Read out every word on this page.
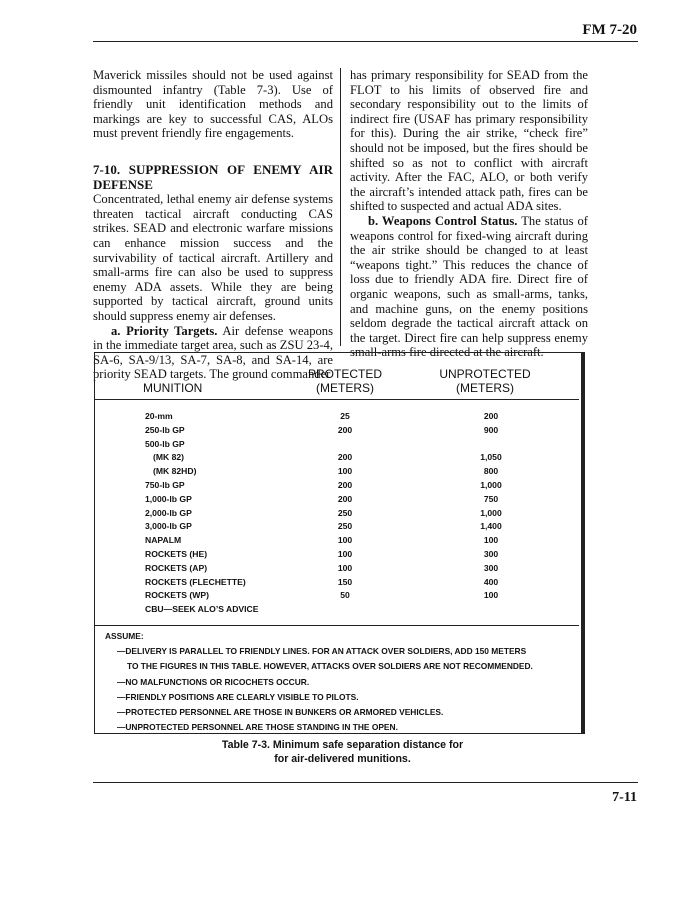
FM 7-20

Maverick missiles should not be used against dismounted infantry (Table 7-3). Use of friendly unit identification methods and markings are key to successful CAS, ALOs must prevent friendly fire engagements.

7-10. SUPPRESSION OF ENEMY AIR DEFENSE

Concentrated, lethal enemy air defense systems threaten tactical aircraft conducting CAS strikes. SEAD and electronic warfare missions can enhance mission success and the survivability of tactical aircraft. Artillery and small-arms fire can also be used to suppress enemy ADA assets. While they are being supported by tactical aircraft, ground units should suppress enemy air defenses.

a. Priority Targets. Air defense weapons in the immediate target area, such as ZSU 23-4, SA-6, SA-9/13, SA-7, SA-8, and SA-14, are priority SEAD targets. The ground commander

has primary responsibility for SEAD from the FLOT to his limits of observed fire and secondary responsibility out to the limits of indirect fire (USAF has primary responsibility for this). During the air strike, “check fire” should not be imposed, but the fires should be shifted so as not to conflict with aircraft activity. After the FAC, ALO, or both verify the aircraft’s intended attack path, fires can be shifted to suspected and actual ADA sites.

b. Weapons Control Status. The status of weapons control for fixed-wing aircraft during the air strike should be changed to at least “weapons tight.” This reduces the chance of loss due to friendly ADA fire. Direct fire of organic weapons, such as small-arms, tanks, and machine guns, on the enemy positions seldom degrade the tactical aircraft attack on the target. Direct fire can help suppress enemy small-arms fire directed at the aircraft.

MUNITION
PROTECTED
(METERS)
UNPROTECTED
(METERS)
20-mm	25	200
250-lb GP	200	900
500-lb GP
(MK 82)	200	1,050
(MK 82HD)	100	800
750-lb GP	200	1,000
1,000-lb GP	200	750
2,000-lb GP	250	1,000
3,000-lb GP	250	1,400
NAPALM	100	100
ROCKETS (HE)	100	300
ROCKETS (AP)	100	300
ROCKETS (FLECHETTE)	150	400
ROCKETS (WP)	50	100
CBU—SEEK ALO’S ADVICE
ASSUME:
—DELIVERY IS PARALLEL TO FRIENDLY LINES. FOR AN ATTACK OVER SOLDIERS, ADD 150 METERS
TO THE FIGURES IN THIS TABLE. HOWEVER, ATTACKS OVER SOLDIERS ARE NOT RECOMMENDED.
—NO MALFUNCTIONS OR RICOCHETS OCCUR.
—FRIENDLY POSITIONS ARE CLEARLY VISIBLE TO PILOTS.
—PROTECTED PERSONNEL ARE THOSE IN BUNKERS OR ARMORED VEHICLES.
—UNPROTECTED PERSONNEL ARE THOSE STANDING IN THE OPEN.
Table 7-3. Minimum safe separation distance for
for air-delivered munitions.
7-11
